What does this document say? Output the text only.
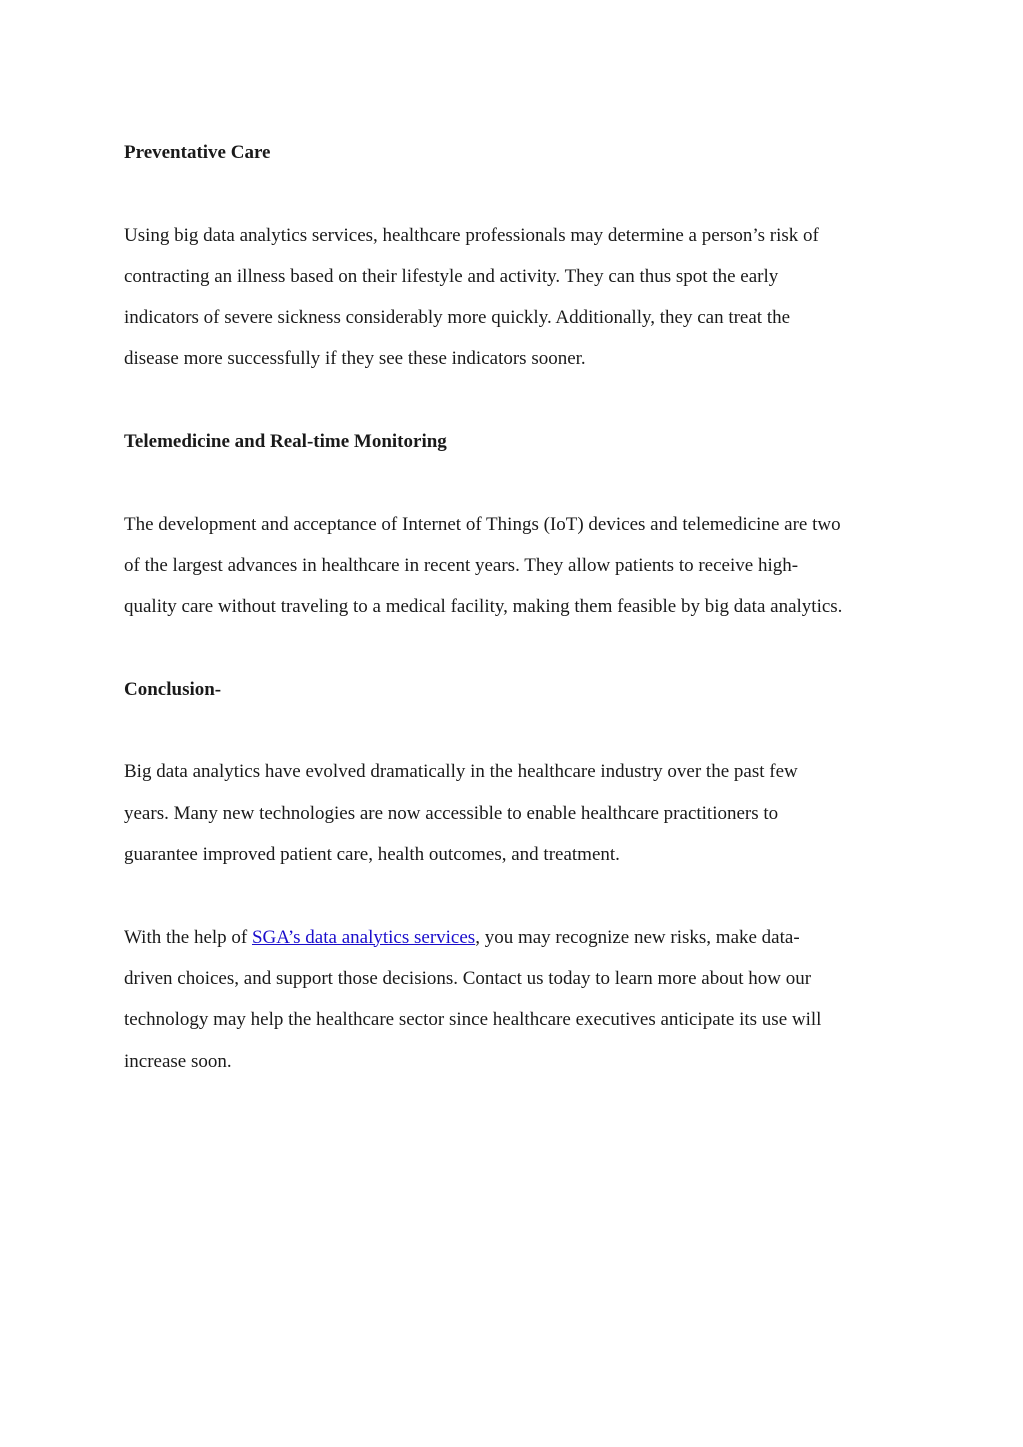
Preventative Care
Using big data analytics services, healthcare professionals may determine a person’s risk of
contracting an illness based on their lifestyle and activity. They can thus spot the early
indicators of severe sickness considerably more quickly. Additionally, they can treat the
disease more successfully if they see these indicators sooner.
Telemedicine and Real-time Monitoring
The development and acceptance of Internet of Things (IoT) devices and telemedicine are two
of the largest advances in healthcare in recent years. They allow patients to receive high-
quality care without traveling to a medical facility, making them feasible by big data analytics.
Conclusion-
Big data analytics have evolved dramatically in the healthcare industry over the past few
years. Many new technologies are now accessible to enable healthcare practitioners to
guarantee improved patient care, health outcomes, and treatment.
With the help of SGA’s data analytics services, you may recognize new risks, make data-
driven choices, and support those decisions. Contact us today to learn more about how our
technology may help the healthcare sector since healthcare executives anticipate its use will
increase soon.
